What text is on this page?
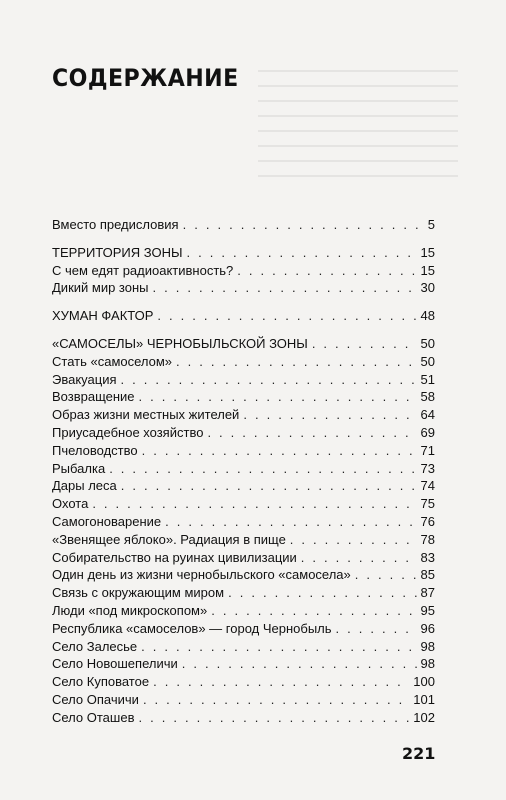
СОДЕРЖАНИЕ
Вместо предисловия . . .	5
ТЕРРИТОРИЯ ЗОНЫ . . .	15
С чем едят радиоактивность? . . .	15
Дикий мир зоны . . .	30
ХУМАН ФАКТОР . . .	48
«САМОСЕЛЫ» ЧЕРНОБЫЛЬСКОЙ ЗОНЫ . . .	50
Стать «самоселом» . . .	50
Эвакуация . . .	51
Возвращение . . .	58
Образ жизни местных жителей . . .	64
Приусадебное хозяйство . . .	69
Пчеловодство . . .	71
Рыбалка . . .	73
Дары леса . . .	74
Охота . . .	75
Самогоноварение . . .	76
«Звенящее яблоко». Радиация в пище . . .	78
Собирательство на руинах цивилизации . . .	83
Один день из жизни чернобыльского «самосела» . . .	85
Связь с окружающим миром . . .	87
Люди «под микроскопом» . . .	95
Республика «самоселов» — город Чернобыль . . .	96
Село Залесье . . .	98
Село Новошепеличи . . .	98
Село Куповатое . . .	100
Село Опачичи . . .	101
Село Оташев . . .	102
221
